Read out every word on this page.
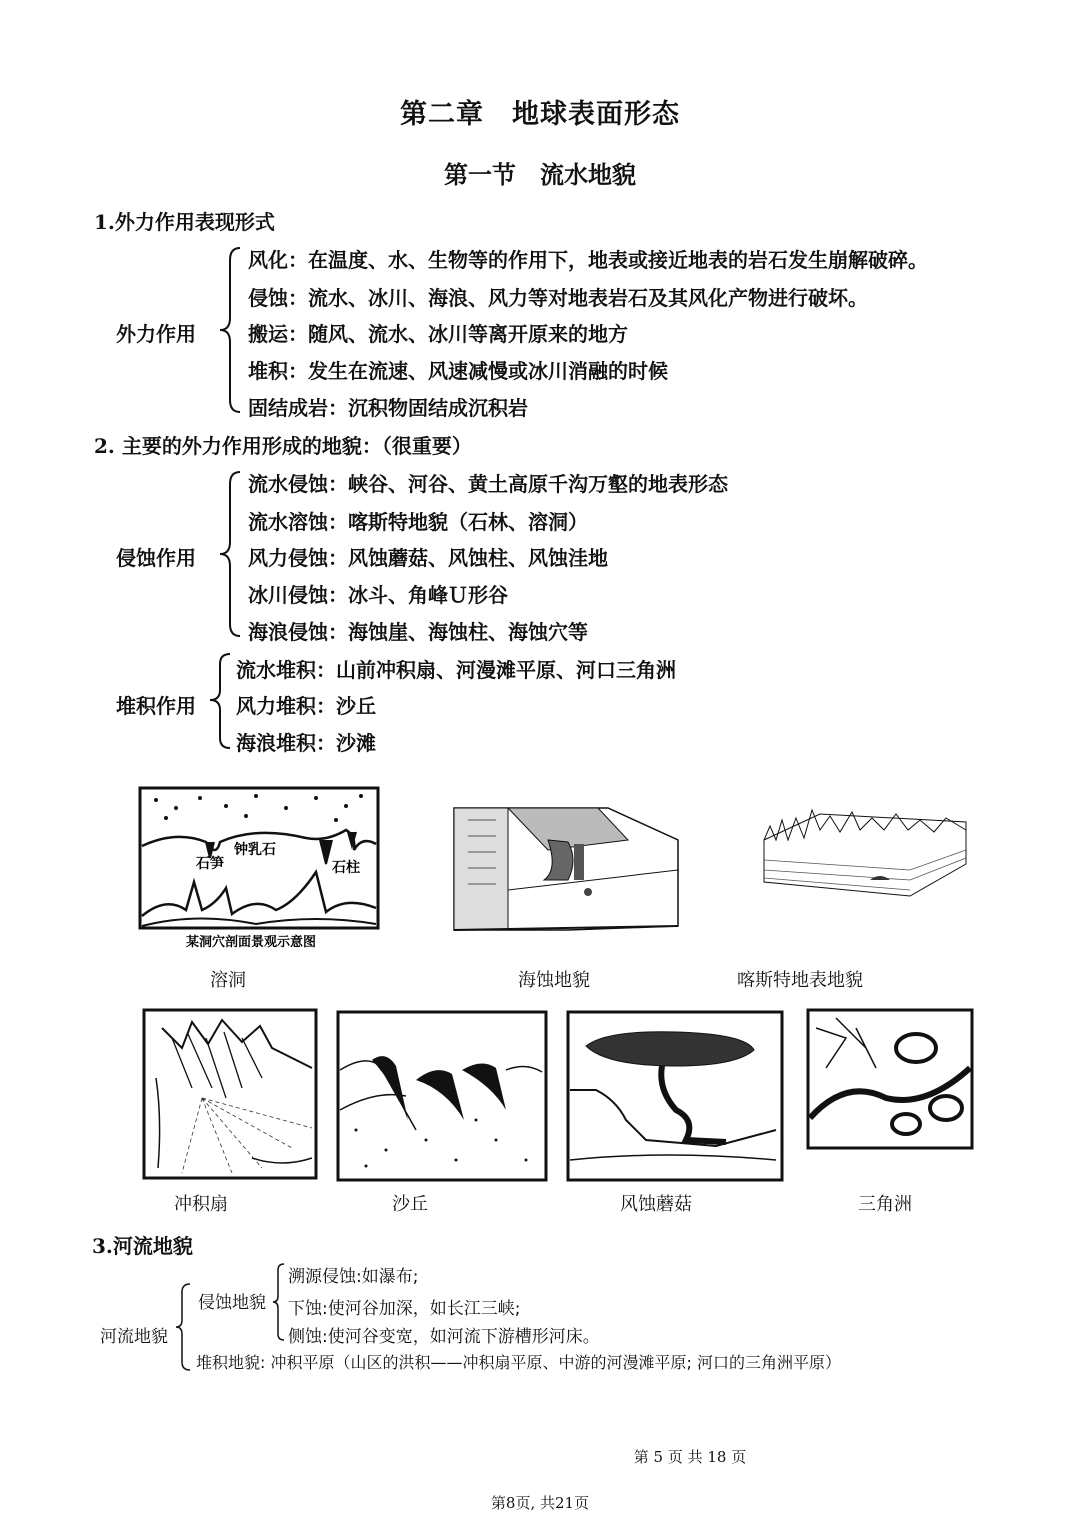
第二章　地球表面形态
第一节　流水地貌
1.外力作用表现形式
外力作用
风化：在温度、水、生物等的作用下，地表或接近地表的岩石发生崩解破碎。
侵蚀：流水、冰川、海浪、风力等对地表岩石及其风化产物进行破坏。
搬运：随风、流水、冰川等离开原来的地方
堆积：发生在流速、风速减慢或冰川消融的时候
固结成岩：沉积物固结成沉积岩
2. 主要的外力作用形成的地貌：（很重要）
侵蚀作用
流水侵蚀：峡谷、河谷、黄土高原千沟万壑的地表形态
流水溶蚀：喀斯特地貌（石林、溶洞）
风力侵蚀：风蚀蘑菇、风蚀柱、风蚀洼地
冰川侵蚀：冰斗、角峰Ｕ形谷
海浪侵蚀：海蚀崖、海蚀柱、海蚀穴等
堆积作用
流水堆积：山前冲积扇、河漫滩平原、河口三角洲
风力堆积：沙丘
海浪堆积：沙滩
钟乳石
石笋	石柱
某洞穴剖面景观示意图
溶洞	海蚀地貌	喀斯特地表地貌
冲积扇	沙丘	风蚀蘑菇	三角洲
3.河流地貌
河流地貌
侵蚀地貌
溯源侵蚀:如瀑布;
下蚀:使河谷加深，如长江三峡;
侧蚀:使河谷变宽，如河流下游槽形河床。
堆积地貌: 冲积平原（山区的洪积——冲积扇平原、中游的河漫滩平原; 河口的三角洲平原）
第 5 页 共 18 页
第8页, 共21页
